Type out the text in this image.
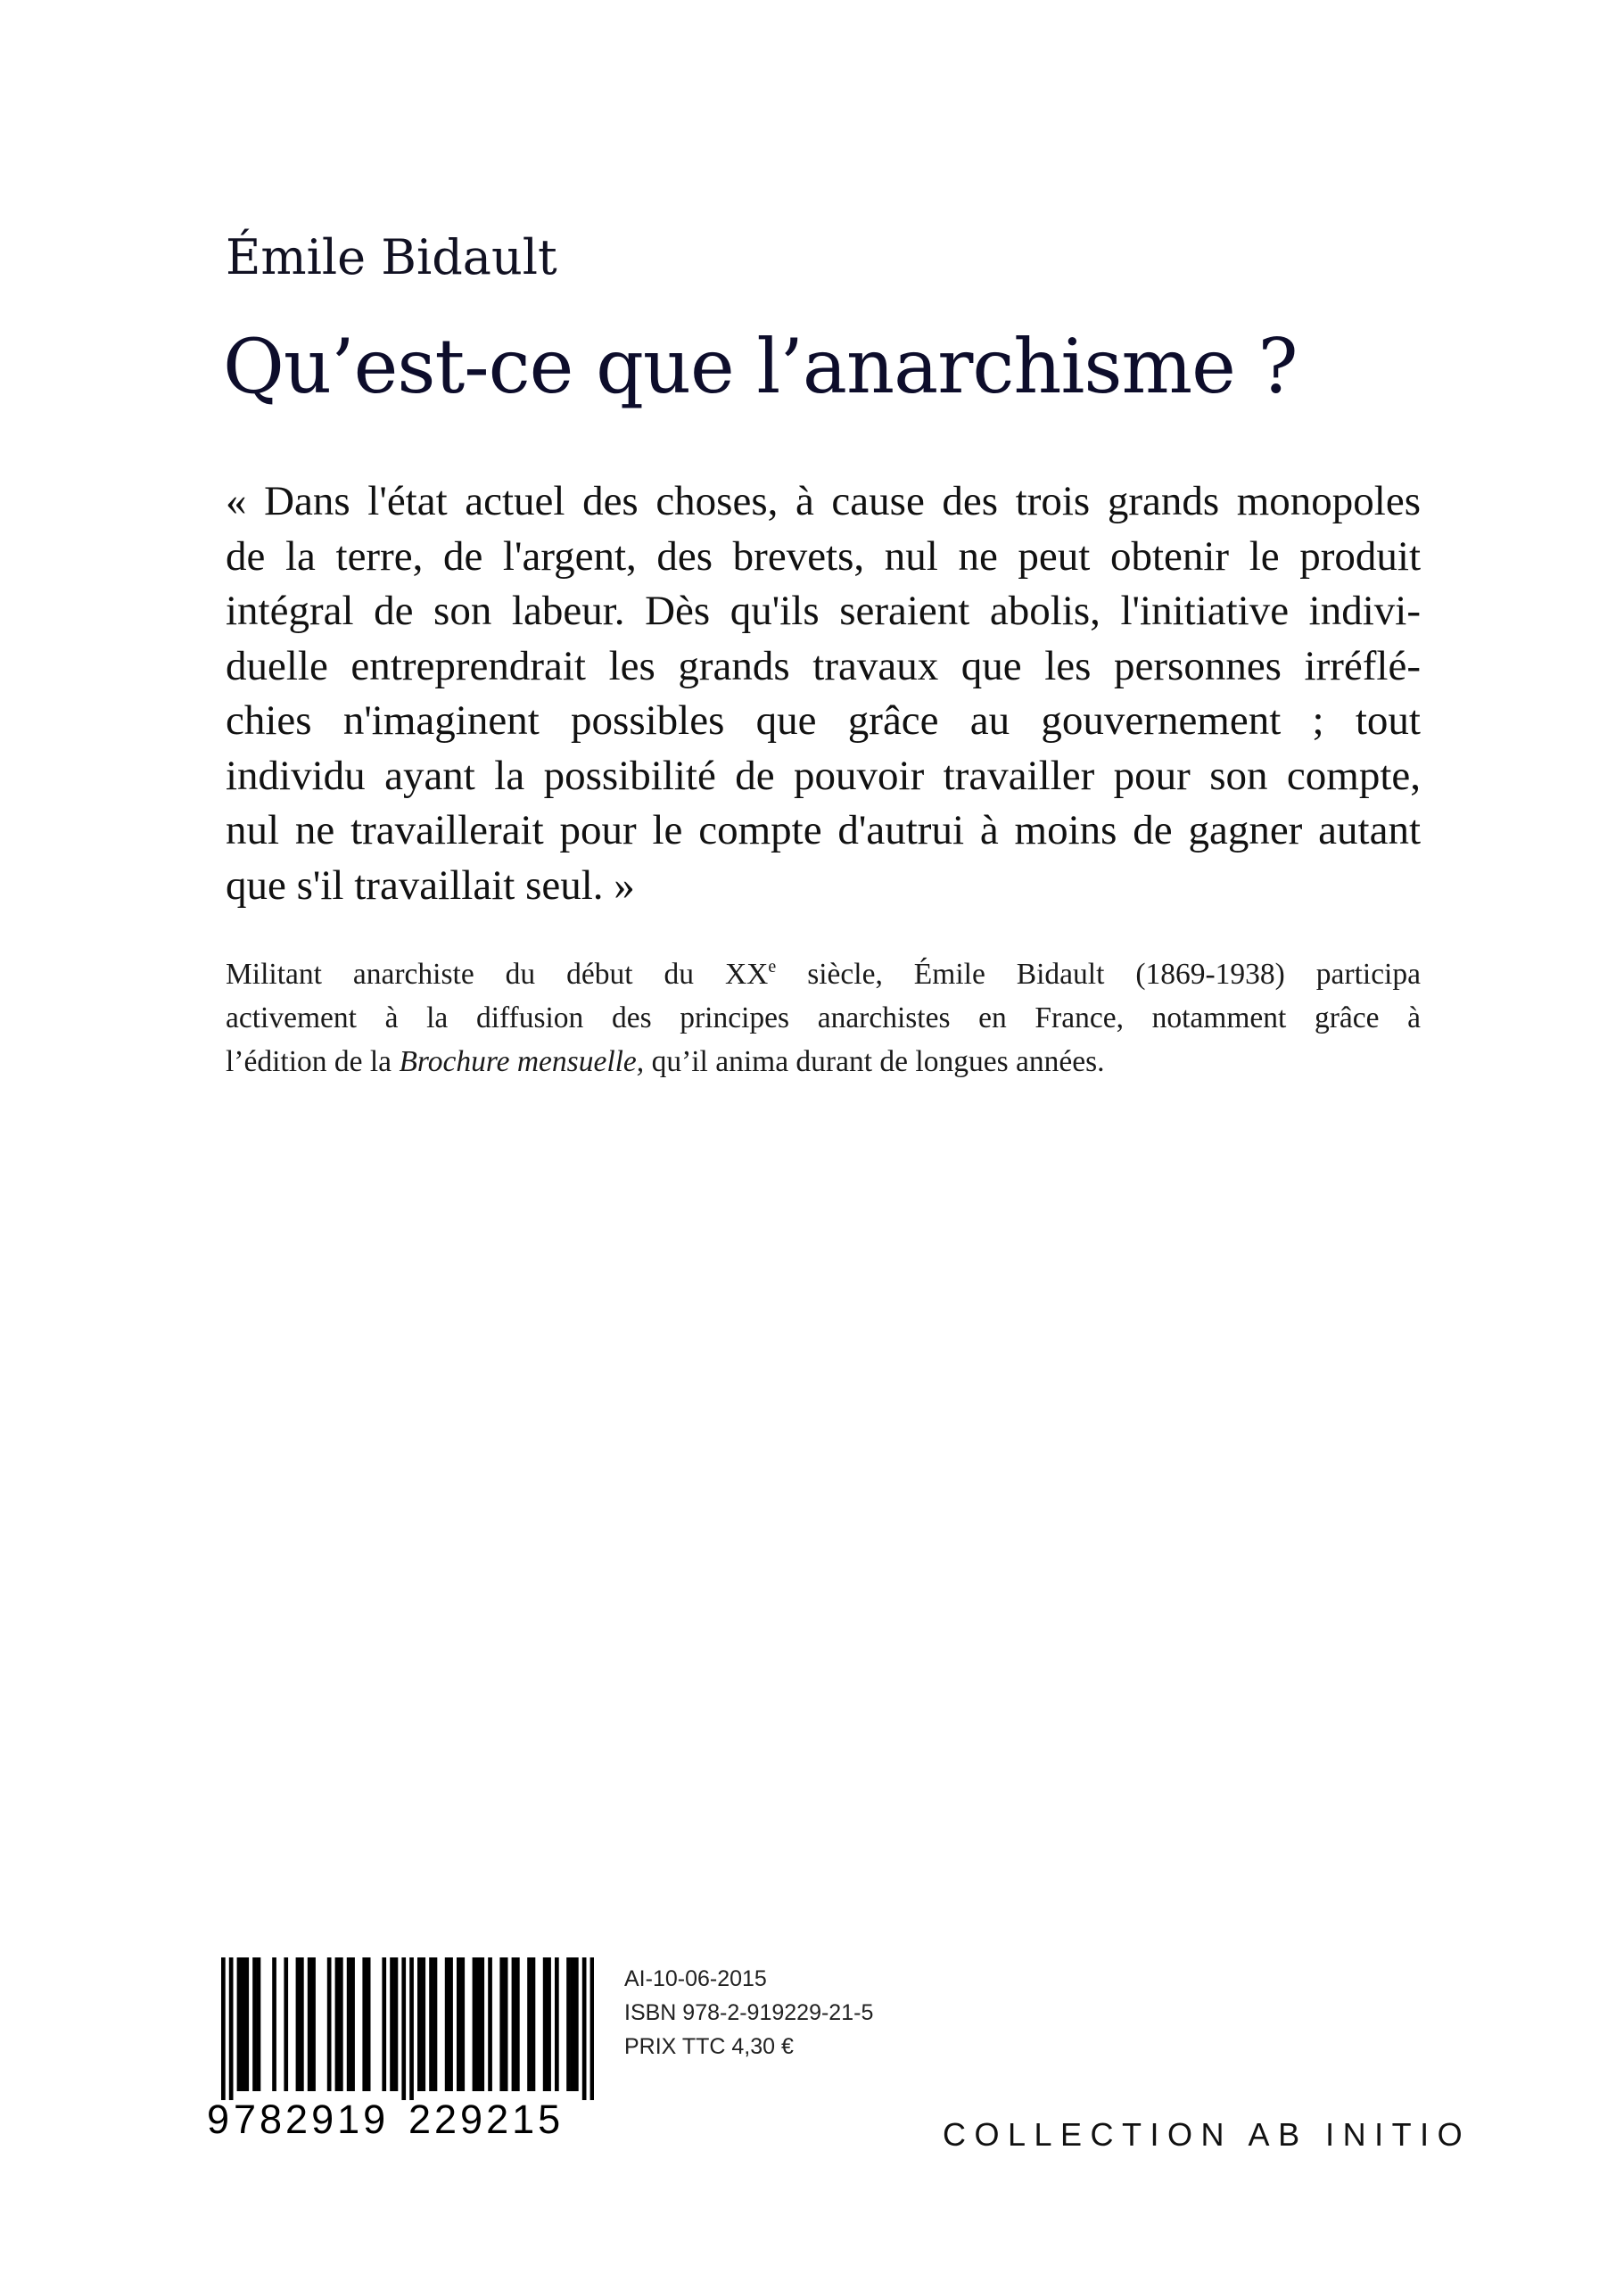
Émile Bidault
Qu’est-ce que l’anarchisme ?
« Dans l'état actuel des choses, à cause des trois grands monopoles
de la terre, de l'argent, des brevets, nul ne peut obtenir le produit
intégral de son labeur. Dès qu'ils seraient abolis, l'initiative indivi-
duelle entreprendrait les grands travaux que les personnes irréflé-
chies n'imaginent possibles que grâce au gouvernement ; tout
individu ayant la possibilité de pouvoir travailler pour son compte,
nul ne travaillerait pour le compte d'autrui à moins de gagner autant
que s'il travaillait seul. »
Militant anarchiste du début du XXe siècle, Émile Bidault (1869-1938) participa
activement à la diffusion des principes anarchistes en France, notamment grâce à
l’édition de la Brochure mensuelle, qu’il anima durant de longues années.
9 782919 229215
AI-10-06-2015
ISBN 978-2-919229-21-5
PRIX TTC 4,30 €
COLLECTION AB INITIO
